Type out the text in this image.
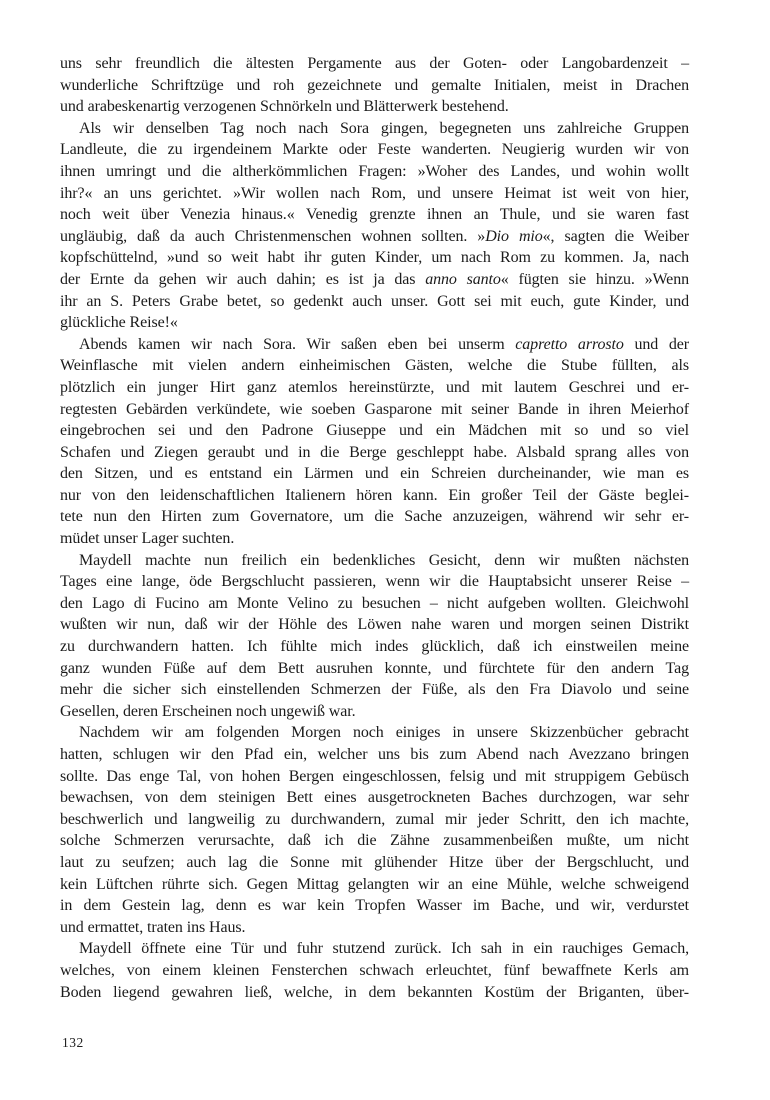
uns sehr freundlich die ältesten Pergamente aus der Goten- oder Langobardenzeit –
wunderliche Schriftzüge und roh gezeichnete und gemalte Initialen, meist in Drachen
und arabeskenartig verzogenen Schnörkeln und Blätterwerk bestehend.
Als wir denselben Tag noch nach Sora gingen, begegneten uns zahlreiche Gruppen
Landleute, die zu irgendeinem Markte oder Feste wanderten. Neugierig wurden wir von
ihnen umringt und die altherkömmlichen Fragen: »Woher des Landes, und wohin wollt
ihr?« an uns gerichtet. »Wir wollen nach Rom, und unsere Heimat ist weit von hier,
noch weit über Venezia hinaus.« Venedig grenzte ihnen an Thule, und sie waren fast
ungläubig, daß da auch Christenmenschen wohnen sollten. »Dio mio«, sagten die Weiber
kopfschüttelnd, »und so weit habt ihr guten Kinder, um nach Rom zu kommen. Ja, nach
der Ernte da gehen wir auch dahin; es ist ja das anno santo« fügten sie hinzu. »Wenn
ihr an S. Peters Grabe betet, so gedenkt auch unser. Gott sei mit euch, gute Kinder, und
glückliche Reise!«
Abends kamen wir nach Sora. Wir saßen eben bei unserm capretto arrosto und der
Weinflasche mit vielen andern einheimischen Gästen, welche die Stube füllten, als
plötzlich ein junger Hirt ganz atemlos hereinstürzte, und mit lautem Geschrei und er-
regtesten Gebärden verkündete, wie soeben Gasparone mit seiner Bande in ihren Meierhof
eingebrochen sei und den Padrone Giuseppe und ein Mädchen mit so und so viel
Schafen und Ziegen geraubt und in die Berge geschleppt habe. Alsbald sprang alles von
den Sitzen, und es entstand ein Lärmen und ein Schreien durcheinander, wie man es
nur von den leidenschaftlichen Italienern hören kann. Ein großer Teil der Gäste beglei-
tete nun den Hirten zum Governatore, um die Sache anzuzeigen, während wir sehr er-
müdet unser Lager suchten.
Maydell machte nun freilich ein bedenkliches Gesicht, denn wir mußten nächsten
Tages eine lange, öde Bergschlucht passieren, wenn wir die Hauptabsicht unserer Reise –
den Lago di Fucino am Monte Velino zu besuchen – nicht aufgeben wollten. Gleichwohl
wußten wir nun, daß wir der Höhle des Löwen nahe waren und morgen seinen Distrikt
zu durchwandern hatten. Ich fühlte mich indes glücklich, daß ich einstweilen meine
ganz wunden Füße auf dem Bett ausruhen konnte, und fürchtete für den andern Tag
mehr die sicher sich einstellenden Schmerzen der Füße, als den Fra Diavolo und seine
Gesellen, deren Erscheinen noch ungewiß war.
Nachdem wir am folgenden Morgen noch einiges in unsere Skizzenbücher gebracht
hatten, schlugen wir den Pfad ein, welcher uns bis zum Abend nach Avezzano bringen
sollte. Das enge Tal, von hohen Bergen eingeschlossen, felsig und mit struppigem Gebüsch
bewachsen, von dem steinigen Bett eines ausgetrockneten Baches durchzogen, war sehr
beschwerlich und langweilig zu durchwandern, zumal mir jeder Schritt, den ich machte,
solche Schmerzen verursachte, daß ich die Zähne zusammenbeißen mußte, um nicht
laut zu seufzen; auch lag die Sonne mit glühender Hitze über der Bergschlucht, und
kein Lüftchen rührte sich. Gegen Mittag gelangten wir an eine Mühle, welche schweigend
in dem Gestein lag, denn es war kein Tropfen Wasser im Bache, und wir, verdurstet
und ermattet, traten ins Haus.
Maydell öffnete eine Tür und fuhr stutzend zurück. Ich sah in ein rauchiges Gemach,
welches, von einem kleinen Fensterchen schwach erleuchtet, fünf bewaffnete Kerls am
Boden liegend gewahren ließ, welche, in dem bekannten Kostüm der Briganten, über-
132
